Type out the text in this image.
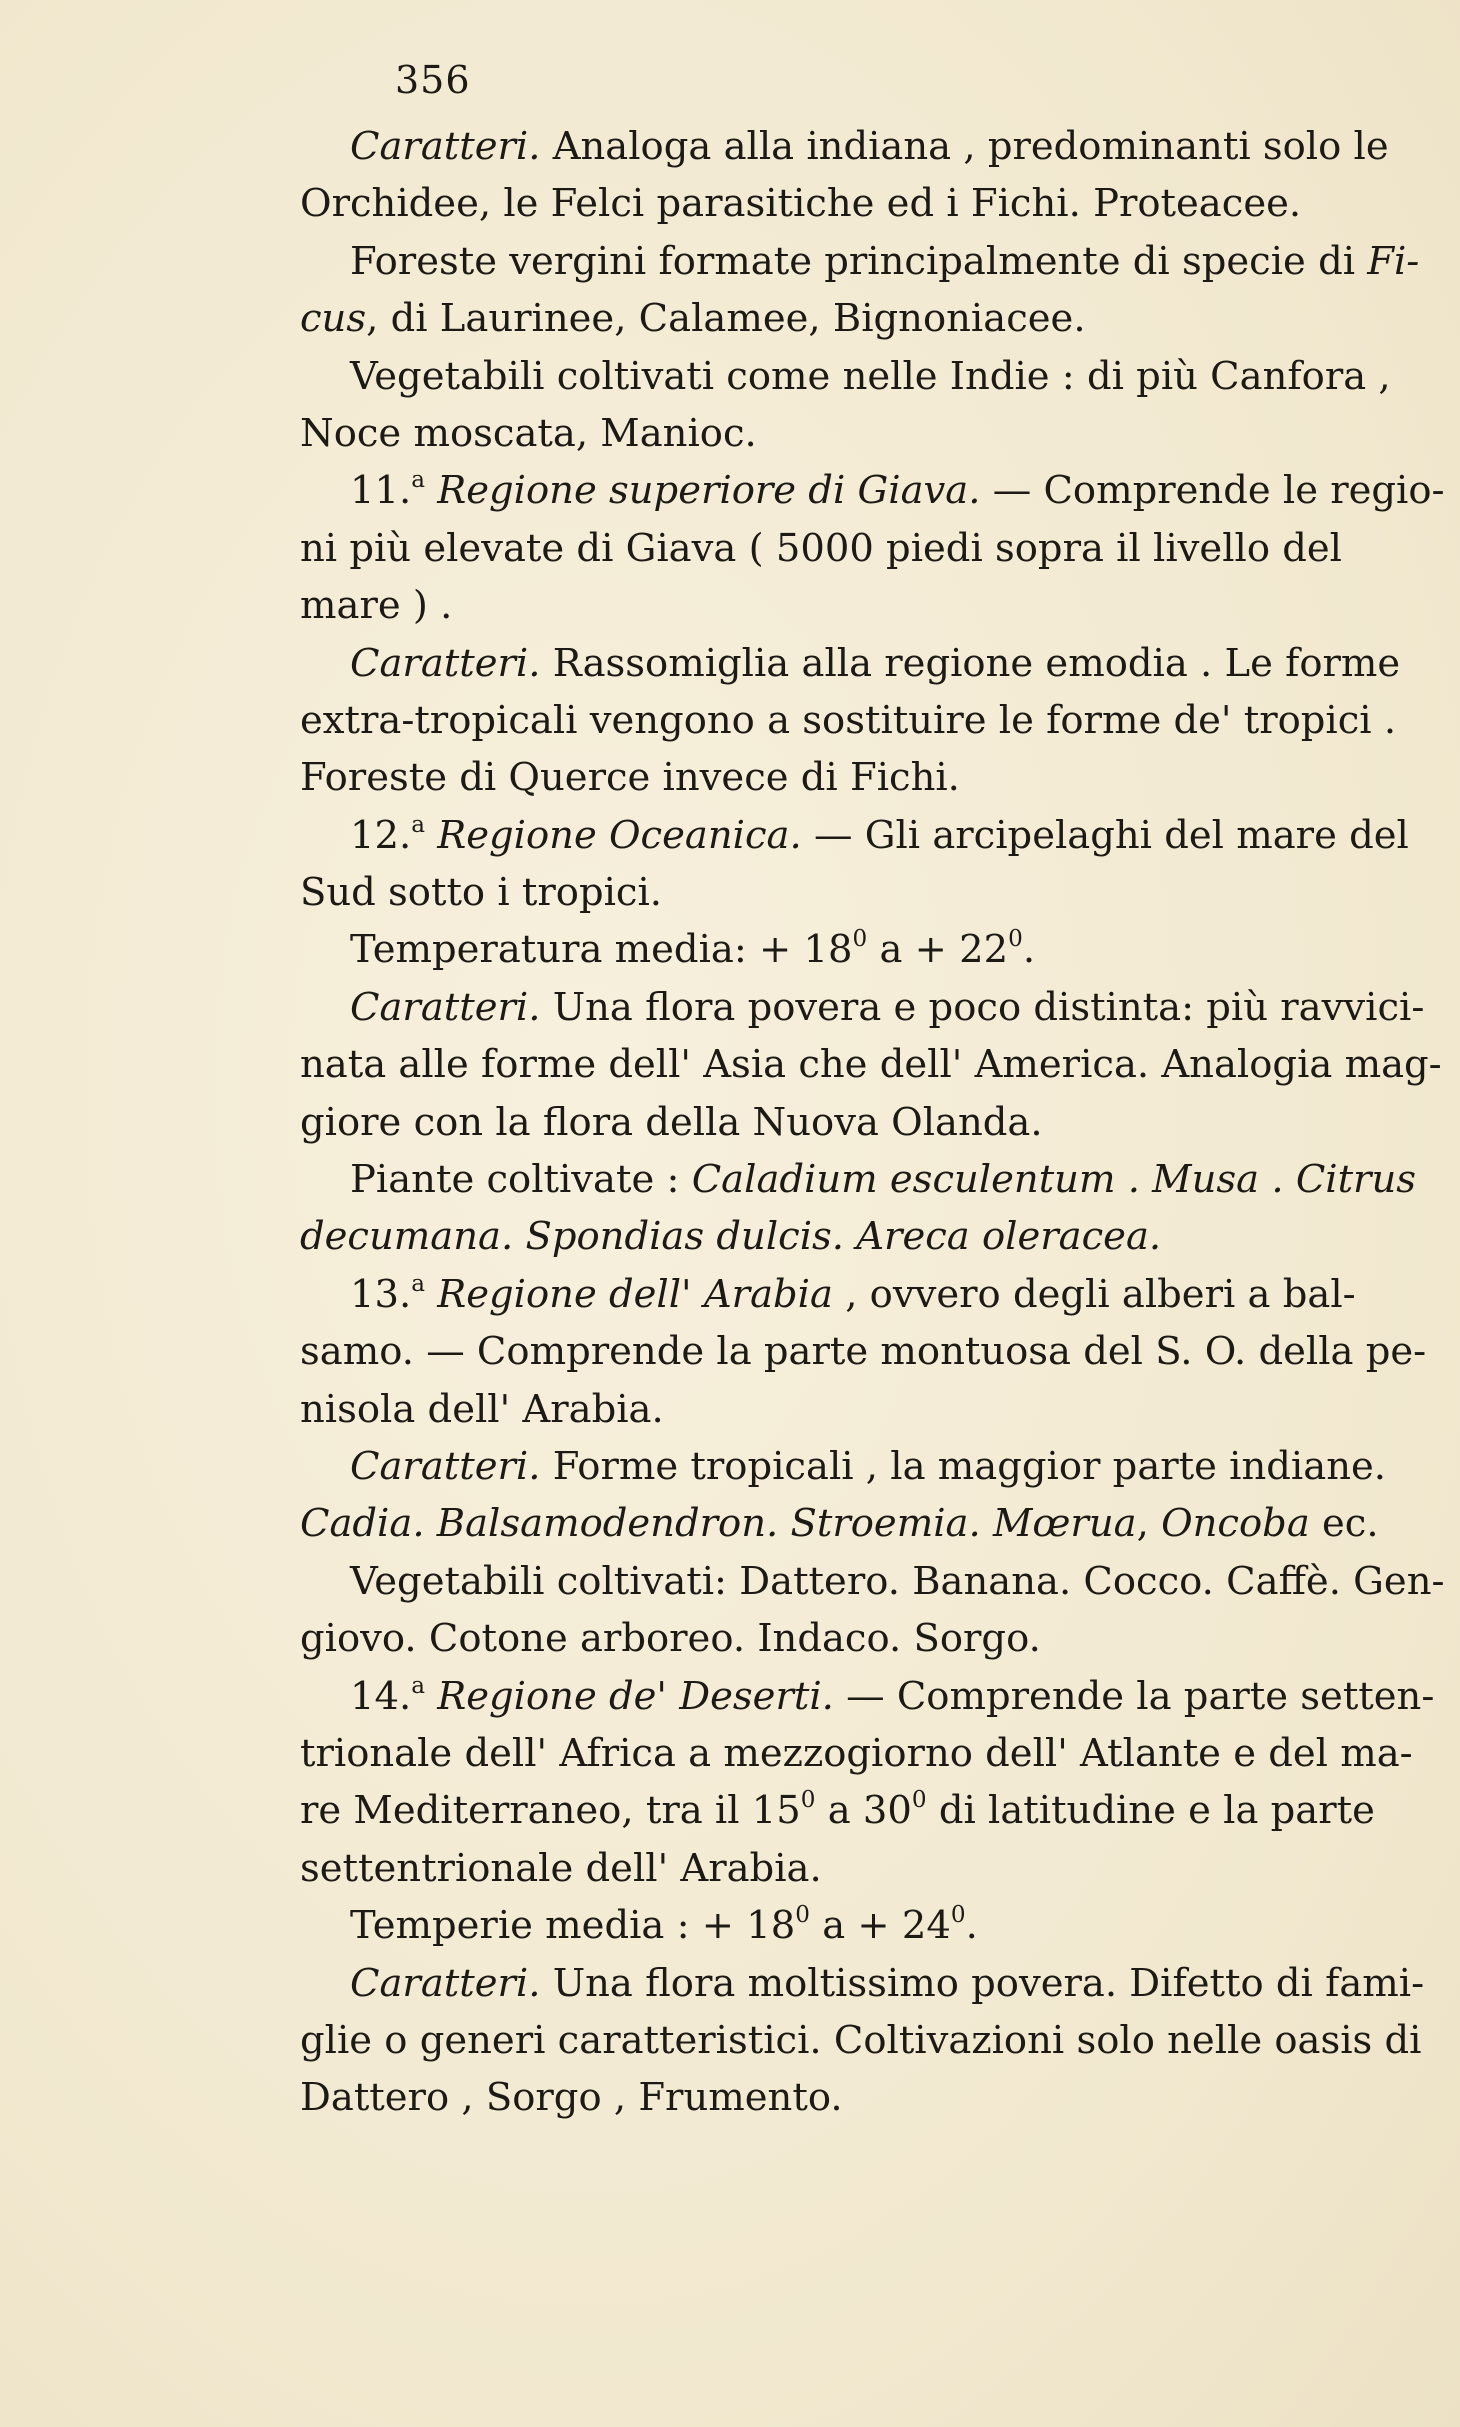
356
Caratteri. Analoga alla indiana , predominanti solo le
Orchidee, le Felci parasitiche ed i Fichi. Proteacee.
Foreste vergini formate principalmente di specie di Fi-
cus, di Laurinee, Calamee, Bignoniacee.
Vegetabili coltivati come nelle Indie : di più Canfora ,
Noce moscata, Manioc.
11.$^a$ Regione superiore di Giava. — Comprende le regio-
ni più elevate di Giava ( 5000 piedi sopra il livello del
mare ) .
Caratteri. Rassomiglia alla regione emodia . Le forme
extra-tropicali vengono a sostituire le forme de' tropici .
Foreste di Querce invece di Fichi.
12.$^a$ Regione Oceanica. — Gli arcipelaghi del mare del
Sud sotto i tropici.
Temperatura media: + $18^0$ $a + 22^0$.
Caratteri. Una flora povera e poco distinta: più ravvici-
nata alle forme dell' Asia che dell' America. Analogia mag-
giore con la flora della Nuova Olanda.
Piante coltivate : Caladium esculentum . Musa . Citrus
decumana. Spondias dulcis. Areca oleracea.
13.$^a$ Regione dell' Arabia , ovvero degli alberi a bal-
samo. — Comprende la parte montuosa del S. O. della pe-
nisola dell' Arabia.
Caratteri. Forme tropicali , la maggior parte indiane.
Cadia. Balsamodendron. Stroemia. Mœrua, Oncoba ec.
Vegetabili coltivati: Dattero. Banana. Cocco. Caffè. Gen-
giovo. Cotone arboreo. Indaco. Sorgo.
14.$^a$ Regione de' Deserti. — Comprende la parte setten-
trionale dell' Africa a mezzogiorno dell' Atlante e del ma-
re Mediterraneo, tra il $15^0$ a $30^0$ di latitudine e la parte
settentrionale dell' Arabia.
Temperie media : + $18^0$ $a + 24^0$.
Caratteri. Una flora moltissimo povera. Difetto di fami-
glie o generi caratteristici. Coltivazioni solo nelle oasis di
Dattero , Sorgo , Frumento.
